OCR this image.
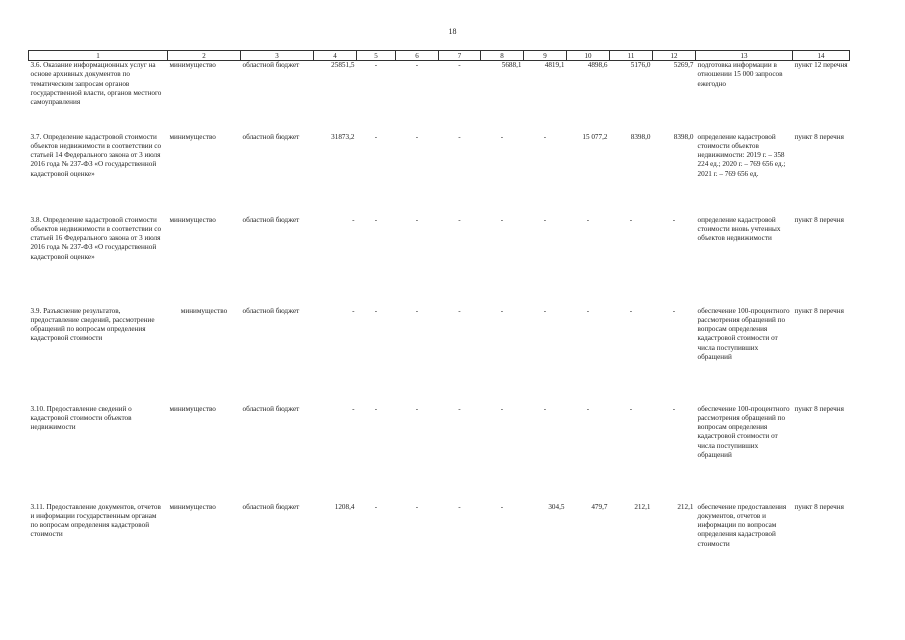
18
1	2	3	4	5	6	7	8	9	10	11	12	13	14
3.6. Оказание информационных услуг на основе архивных документов по тематическим запросам органов государственной власти, органов местного самоуправления	минимущество	областной бюджет	25851,5	-	-	-	5688,1	4819,1	4898,6	5176,0	5269,7	подготовка информации в отношении 15 000 запросов ежегодно	пункт 12 перечня
3.7. Определение кадастровой стоимости объектов недвижимости в соответствии со статьей 14 Федерального закона от 3 июля 2016 года № 237-ФЗ «О государственной кадастровой оценке»	минимущество	областной бюджет	31873,2	-	-	-	-	-	15 077,2	8398,0	8398,0	определение кадастровой стоимости объектов недвижимости: 2019 г. – 358 224 ед.; 2020 г. – 769 656 ед.; 2021 г. – 769 656 ед.	пункт 8 перечня
3.8. Определение кадастровой стоимости объектов недвижимости в соответствии со статьей 16 Федерального закона от 3 июля 2016 года № 237-ФЗ «О государственной кадастровой оценке»	минимущество	областной бюджет	-	-	-	-	-	-	-	-	-	определение кадастровой стоимости вновь учтенных объектов недвижимости	пункт 8 перечня
3.9. Разъяснение результатов, предоставление сведений, рассмотрение обращений по вопросам определения кадастровой стоимости	минимущество	областной бюджет	-	-	-	-	-	-	-	-	-	обеспечение 100-процентного рассмотрения обращений по вопросам определения кадастровой стоимости от числа поступивших обращений	пункт 8 перечня
3.10. Предоставление сведений о кадастровой стоимости объектов недвижимости	минимущество	областной бюджет	-	-	-	-	-	-	-	-	-	обеспечение 100-процентного рассмотрения обращений по вопросам определения кадастровой стоимости от числа поступивших обращений	пункт 8 перечня
3.11. Предоставление документов, отчетов и информации государственным органам по вопросам определения кадастровой стоимости	минимущество	областной бюджет	1208,4	-	-	-	-	304,5	479,7	212,1	212,1	обеспечение предоставления документов, отчетов и информации по вопросам определения кадастровой стоимости	пункт 8 перечня
